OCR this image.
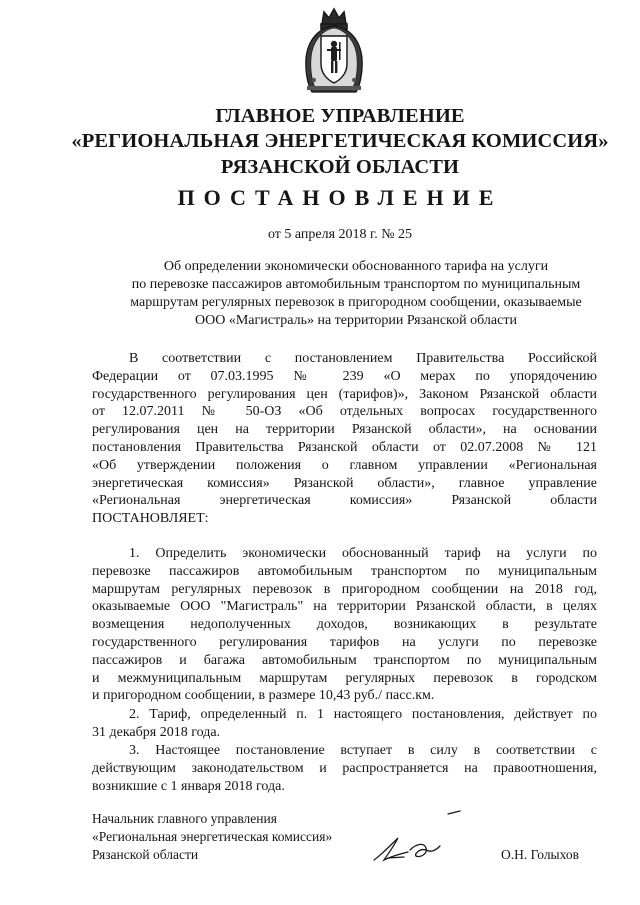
ГЛАВНОЕ УПРАВЛЕНИЕ
«РЕГИОНАЛЬНАЯ ЭНЕРГЕТИЧЕСКАЯ КОМИССИЯ»
РЯЗАНСКОЙ ОБЛАСТИ
ПОСТАНОВЛЕНИЕ
от 5 апреля 2018 г. № 25
Об определении экономически обоснованного тарифа на услуги
по перевозке пассажиров автомобильным транспортом по муниципальным
маршрутам регулярных перевозок в пригородном сообщении, оказываемые
ООО «Магистраль» на территории Рязанской области
В соответствии с постановлением Правительства Российской
Федерации от 07.03.1995 № 239 «О мерах по упорядочению
государственного регулирования цен (тарифов)», Законом Рязанской области
от 12.07.2011 № 50-ОЗ «Об отдельных вопросах государственного
регулирования цен на территории Рязанской области», на основании
постановления Правительства Рязанской области от 02.07.2008 № 121
«Об утверждении положения о главном управлении «Региональная
энергетическая комиссия» Рязанской области», главное управление
«Региональная энергетическая комиссия» Рязанской области
ПОСТАНОВЛЯЕТ:
1. Определить экономически обоснованный тариф на услуги по
перевозке пассажиров автомобильным транспортом по муниципальным
маршрутам регулярных перевозок в пригородном сообщении на 2018 год,
оказываемые ООО "Магистраль" на территории Рязанской области, в целях
возмещения недополученных доходов, возникающих в результате
государственного регулирования тарифов на услуги по перевозке
пассажиров и багажа автомобильным транспортом по муниципальным
и межмуниципальным маршрутам регулярных перевозок в городском
и пригородном сообщении, в размере 10,43 руб./ пасс.км.
2. Тариф, определенный п. 1 настоящего постановления, действует по
31 декабря 2018 года.
3. Настоящее постановление вступает в силу в соответствии с
действующим законодательством и распространяется на правоотношения,
возникшие с 1 января 2018 года.
Начальник главного управления
«Региональная энергетическая комиссия»
Рязанской области	О.Н. Голыхов
